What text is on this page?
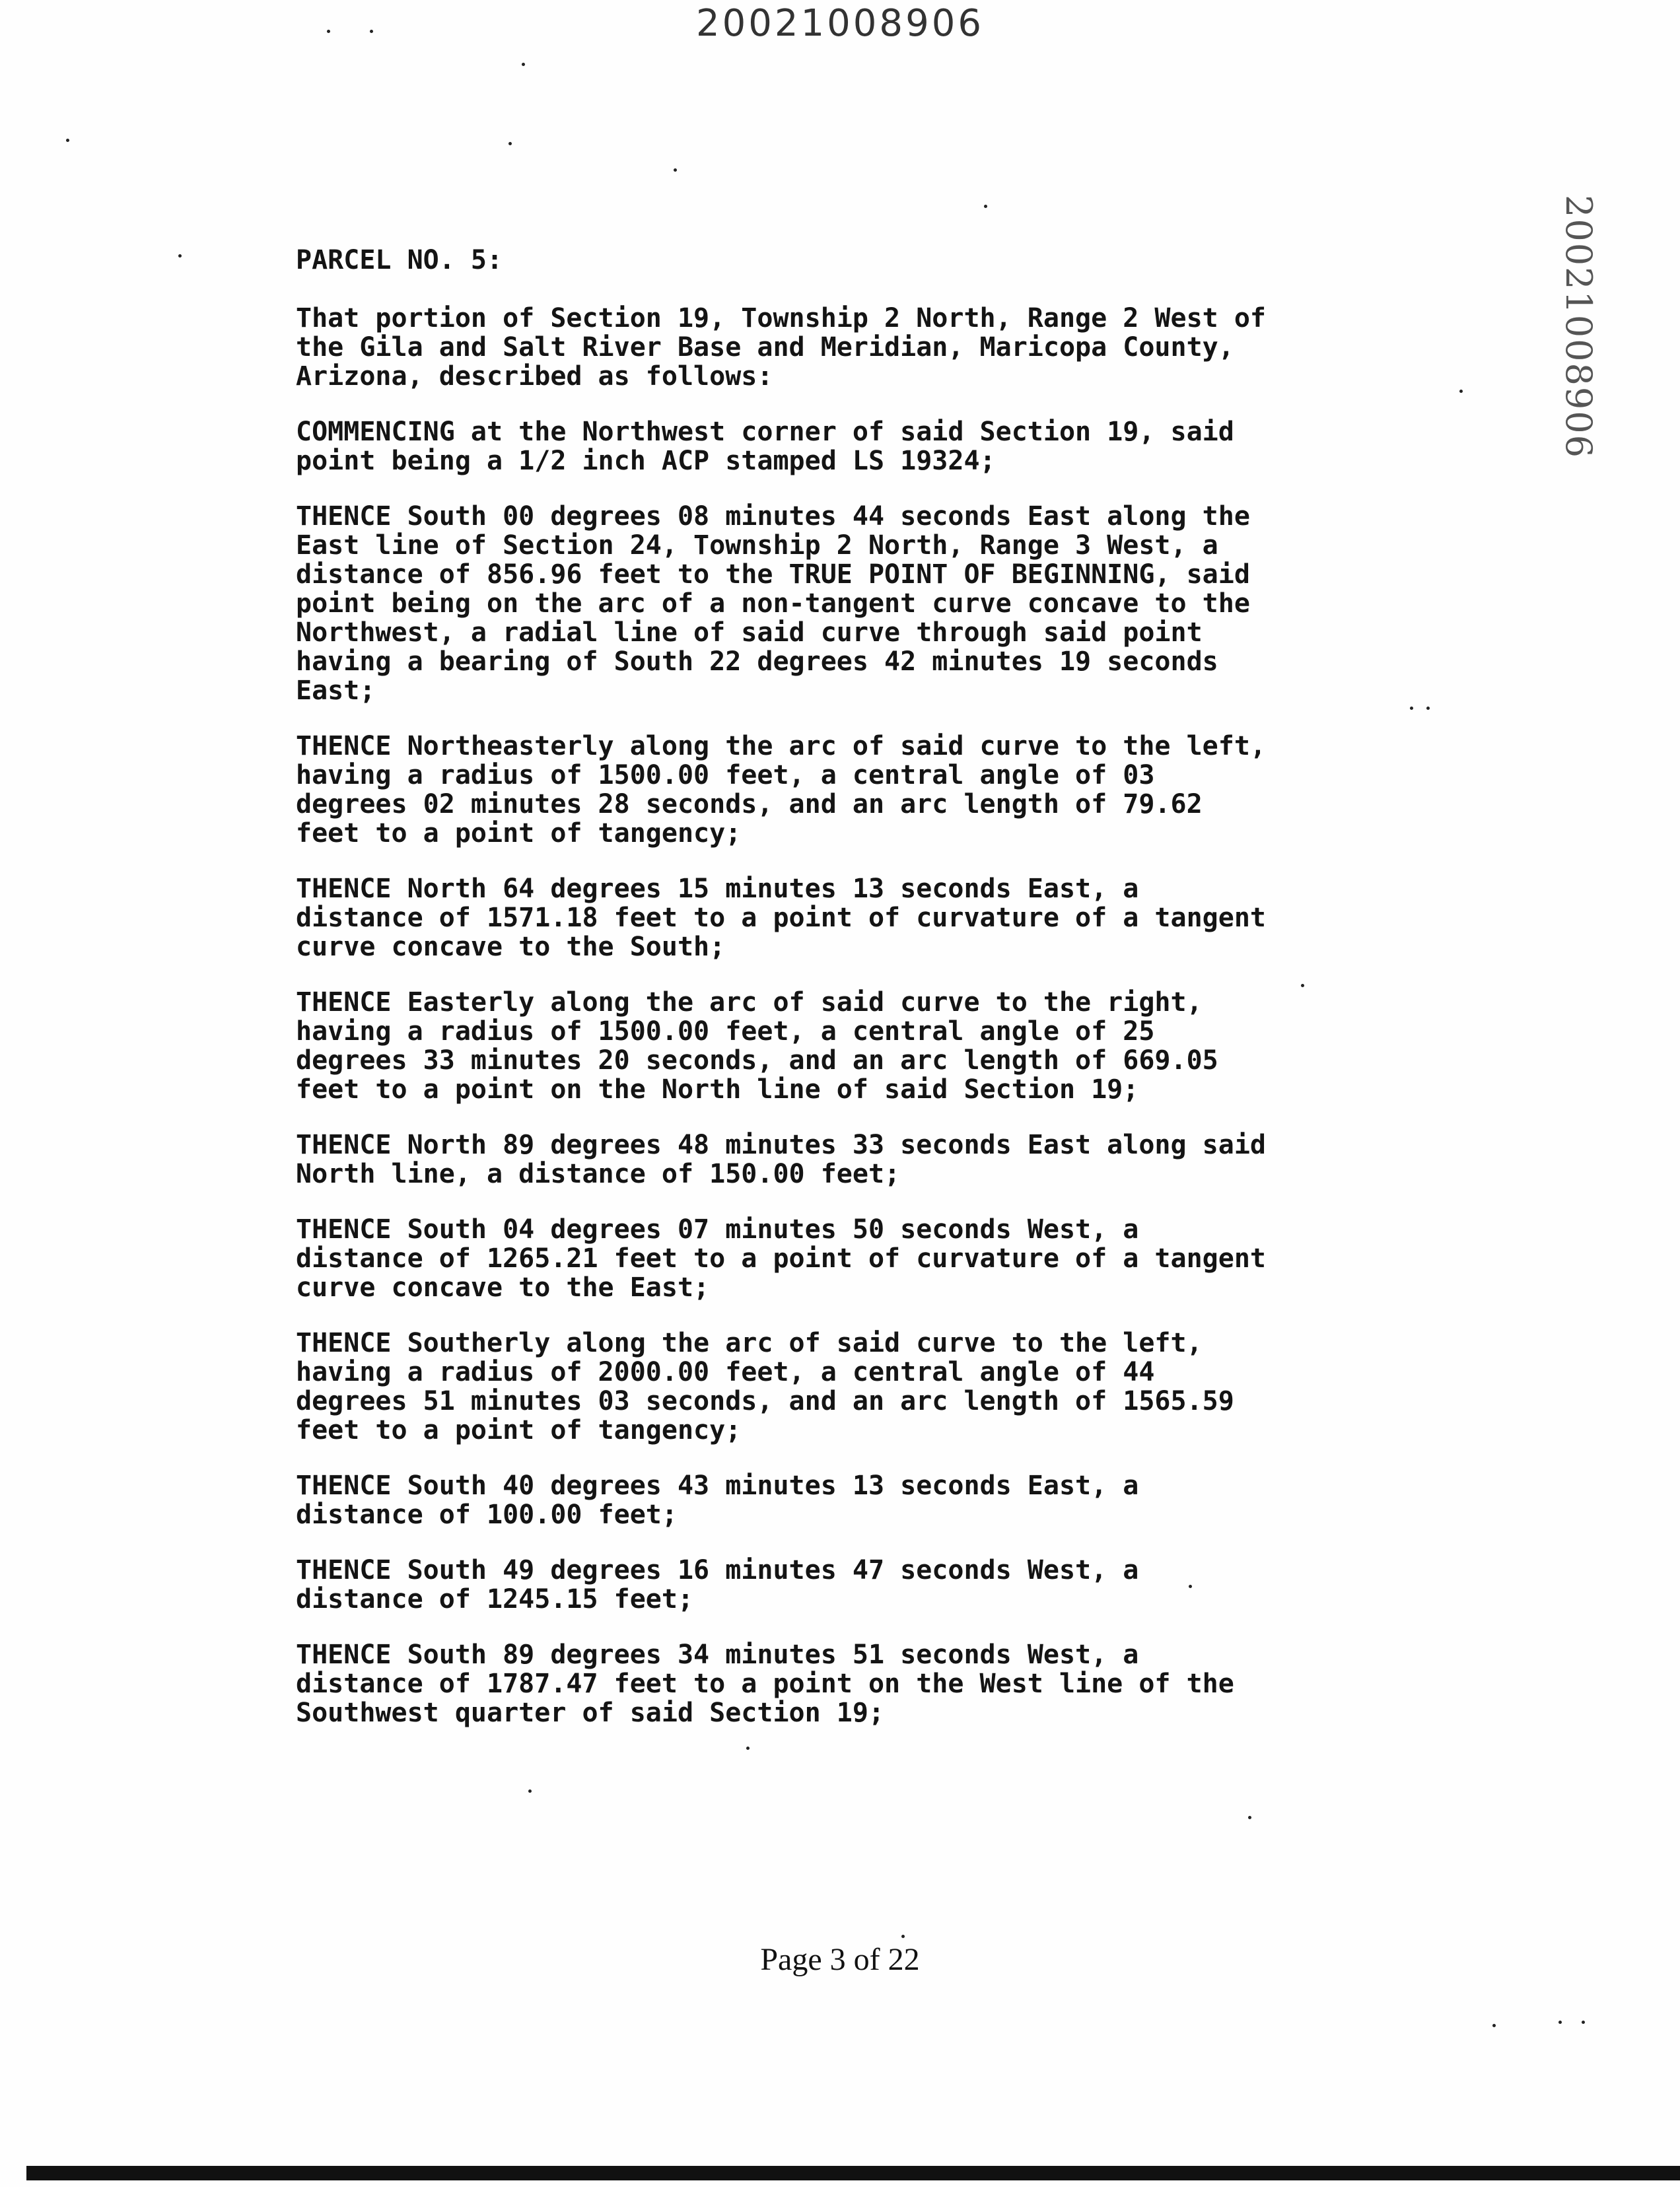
20021008906
20021008906
PARCEL NO. 5:
That portion of Section 19, Township 2 North, Range 2 West of
the Gila and Salt River Base and Meridian, Maricopa County,
Arizona, described as follows:
COMMENCING at the Northwest corner of said Section 19, said
point being a 1/2 inch ACP stamped LS 19324;
THENCE South 00 degrees 08 minutes 44 seconds East along the
East line of Section 24, Township 2 North, Range 3 West, a
distance of 856.96 feet to the TRUE POINT OF BEGINNING, said
point being on the arc of a non-tangent curve concave to the
Northwest, a radial line of said curve through said point
having a bearing of South 22 degrees 42 minutes 19 seconds
East;
THENCE Northeasterly along the arc of said curve to the left,
having a radius of 1500.00 feet, a central angle of 03
degrees 02 minutes 28 seconds, and an arc length of 79.62
feet to a point of tangency;
THENCE North 64 degrees 15 minutes 13 seconds East, a
distance of 1571.18 feet to a point of curvature of a tangent
curve concave to the South;
THENCE Easterly along the arc of said curve to the right,
having a radius of 1500.00 feet, a central angle of 25
degrees 33 minutes 20 seconds, and an arc length of 669.05
feet to a point on the North line of said Section 19;
THENCE North 89 degrees 48 minutes 33 seconds East along said
North line, a distance of 150.00 feet;
THENCE South 04 degrees 07 minutes 50 seconds West, a
distance of 1265.21 feet to a point of curvature of a tangent
curve concave to the East;
THENCE Southerly along the arc of said curve to the left,
having a radius of 2000.00 feet, a central angle of 44
degrees 51 minutes 03 seconds, and an arc length of 1565.59
feet to a point of tangency;
THENCE South 40 degrees 43 minutes 13 seconds East, a
distance of 100.00 feet;
THENCE South 49 degrees 16 minutes 47 seconds West, a
distance of 1245.15 feet;
THENCE South 89 degrees 34 minutes 51 seconds West, a
distance of 1787.47 feet to a point on the West line of the
Southwest quarter of said Section 19;
Page 3 of 22
